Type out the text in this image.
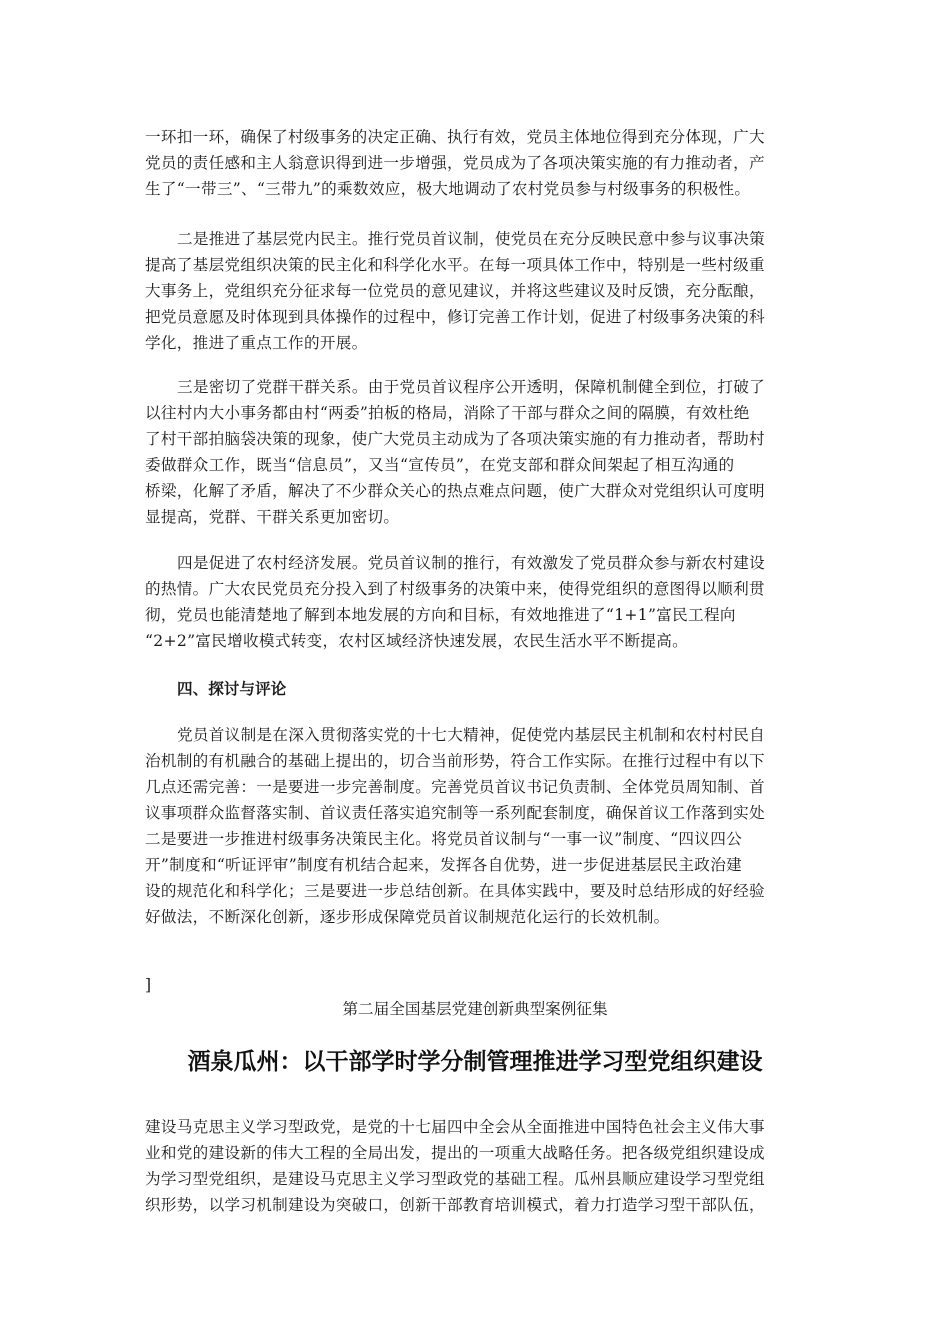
一环扣一环，确保了村级事务的决定正确、执行有效，党员主体地位得到充分体现，广大
党员的责任感和主人翁意识得到进一步增强，党员成为了各项决策实施的有力推动者，产
生了“一带三”、“三带九”的乘数效应，极大地调动了农村党员参与村级事务的积极性。
二是推进了基层党内民主。推行党员首议制，使党员在充分反映民意中参与议事决策
提高了基层党组织决策的民主化和科学化水平。在每一项具体工作中，特别是一些村级重
大事务上，党组织充分征求每一位党员的意见建议，并将这些建议及时反馈，充分酝酿，
把党员意愿及时体现到具体操作的过程中，修订完善工作计划，促进了村级事务决策的科
学化，推进了重点工作的开展。
三是密切了党群干群关系。由于党员首议程序公开透明，保障机制健全到位，打破了
以往村内大小事务都由村“两委”拍板的格局，消除了干部与群众之间的隔膜，有效杜绝
了村干部拍脑袋决策的现象，使广大党员主动成为了各项决策实施的有力推动者，帮助村
委做群众工作，既当“信息员”，又当“宣传员”，在党支部和群众间架起了相互沟通的
桥梁，化解了矛盾，解决了不少群众关心的热点难点问题，使广大群众对党组织认可度明
显提高，党群、干群关系更加密切。
四是促进了农村经济发展。党员首议制的推行，有效激发了党员群众参与新农村建设
的热情。广大农民党员充分投入到了村级事务的决策中来，使得党组织的意图得以顺利贯
彻，党员也能清楚地了解到本地发展的方向和目标，有效地推进了“1+1”富民工程向
“2+2”富民增收模式转变，农村区域经济快速发展，农民生活水平不断提高。
四、探讨与评论
党员首议制是在深入贯彻落实党的十七大精神，促使党内基层民主机制和农村村民自
治机制的有机融合的基础上提出的，切合当前形势，符合工作实际。在推行过程中有以下
几点还需完善：一是要进一步完善制度。完善党员首议书记负责制、全体党员周知制、首
议事项群众监督落实制、首议责任落实追究制等一系列配套制度，确保首议工作落到实处
二是要进一步推进村级事务决策民主化。将党员首议制与“一事一议”制度、“四议四公
开”制度和“听证评审”制度有机结合起来，发挥各自优势，进一步促进基层民主政治建
设的规范化和科学化；三是要进一步总结创新。在具体实践中，要及时总结形成的好经验
好做法，不断深化创新，逐步形成保障党员首议制规范化运行的长效机制。
]
第二届全国基层党建创新典型案例征集
酒泉瓜州：以干部学时学分制管理推进学习型党组织建设
建设马克思主义学习型政党，是党的十七届四中全会从全面推进中国特色社会主义伟大事
业和党的建设新的伟大工程的全局出发，提出的一项重大战略任务。把各级党组织建设成
为学习型党组织，是建设马克思主义学习型政党的基础工程。瓜州县顺应建设学习型党组
织形势，以学习机制建设为突破口，创新干部教育培训模式，着力打造学习型干部队伍，
